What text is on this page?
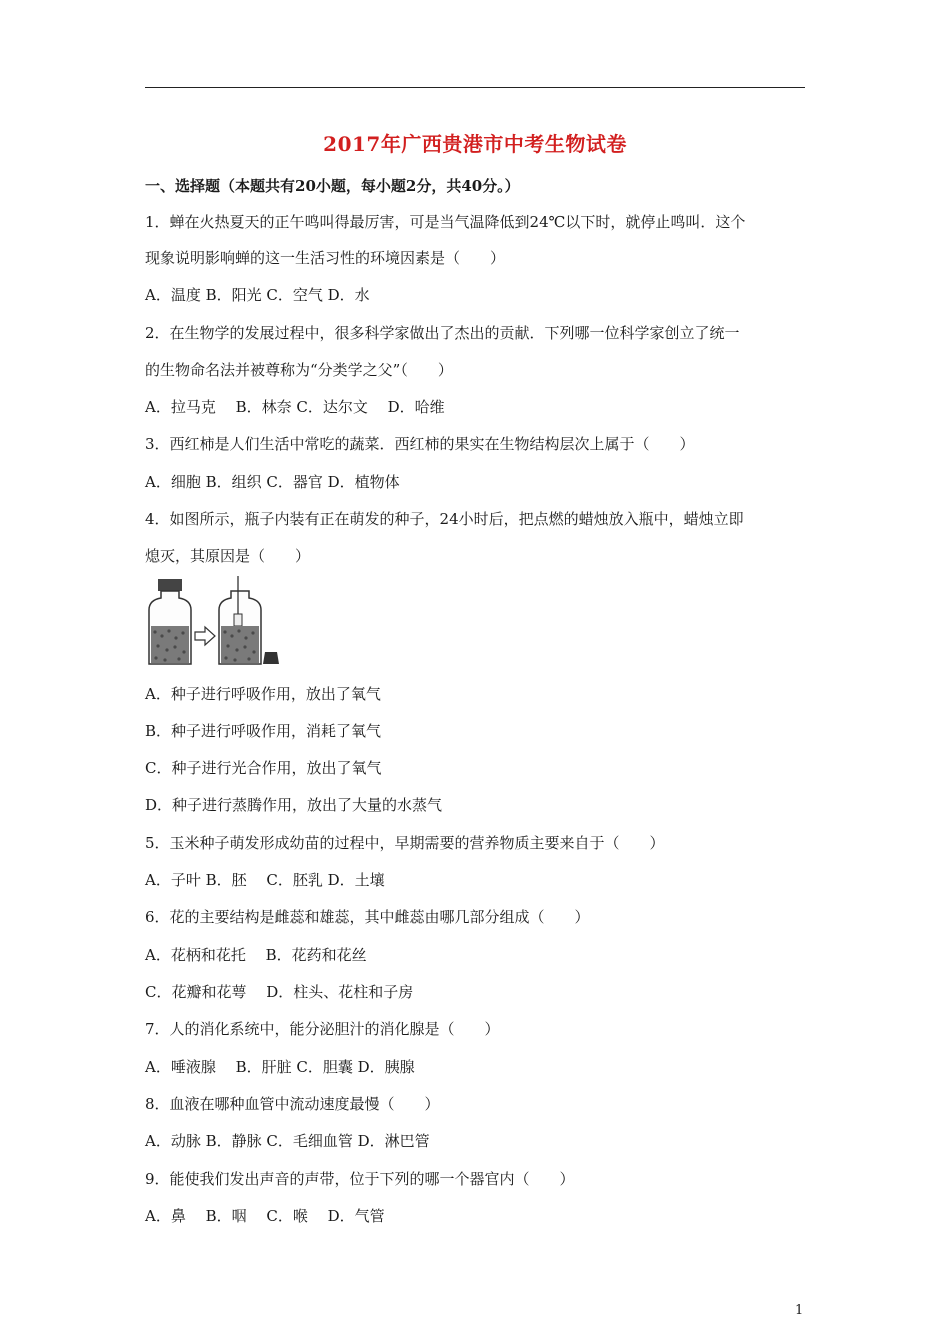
2017年广西贵港市中考生物试卷
一、选择题（本题共有20小题，每小题2分，共40分。）
1．蝉在火热夏天的正午鸣叫得最厉害，可是当气温降低到24℃以下时，就停止鸣叫．这个
现象说明影响蝉的这一生活习性的环境因素是（　　）
A．温度 B．阳光 C．空气 D．水
2．在生物学的发展过程中，很多科学家做出了杰出的贡献．下列哪一位科学家创立了统一
的生物命名法并被尊称为“分类学之父”（　　）
A．拉马克　 B．林奈 C．达尔文　 D．哈维
3．西红柿是人们生活中常吃的蔬菜．西红柿的果实在生物结构层次上属于（　　）
A．细胞 B．组织 C．器官 D．植物体
4．如图所示，瓶子内装有正在萌发的种子，24小时后，把点燃的蜡烛放入瓶中，蜡烛立即
熄灭，其原因是（　　）
A．种子进行呼吸作用，放出了氧气
B．种子进行呼吸作用，消耗了氧气
C．种子进行光合作用，放出了氧气
D．种子进行蒸腾作用，放出了大量的水蒸气
5．玉米种子萌发形成幼苗的过程中，早期需要的营养物质主要来自于（　　）
A．子叶 B．胚　 C．胚乳 D．土壤
6．花的主要结构是雌蕊和雄蕊，其中雌蕊由哪几部分组成（　　）
A．花柄和花托　 B．花药和花丝
C．花瓣和花萼　 D．柱头、花柱和子房
7．人的消化系统中，能分泌胆汁的消化腺是（　　）
A．唾液腺　 B．肝脏 C．胆囊 D．胰腺
8．血液在哪种血管中流动速度最慢（　　）
A．动脉 B．静脉 C．毛细血管 D．淋巴管
9．能使我们发出声音的声带，位于下列的哪一个器官内（　　）
A．鼻　 B．咽　 C．喉　 D．气管
1
